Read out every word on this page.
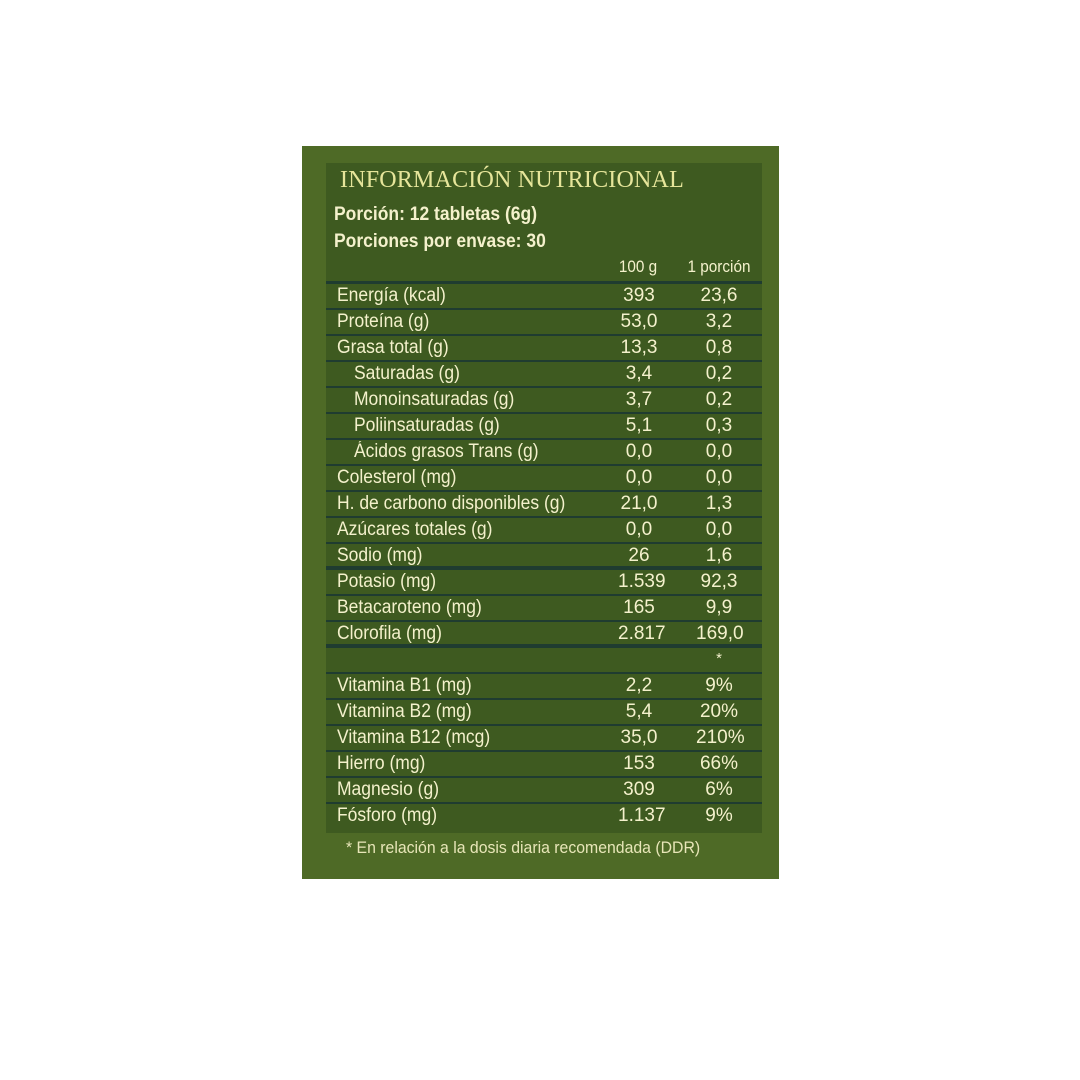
INFORMACIÓN NUTRICIONAL
Porción: 12 tabletas (6g)
Porciones por envase: 30
100 g	1 porción
Energía (kcal)	393 23,6
Proteína (g)	53,0	3,2
Grasa total (g)	13,3	0,8
Saturadas (g)	3,4	0,2
Monoinsaturadas (g)	3,7	0,2
Poliinsaturadas (g)	5,1	0,3
Ácidos grasos Trans (g)	0,0	0,0
Colesterol (mg)	0,0	0,0
H. de carbono disponibles (g)	21,0	1,3
Azúcares totales (g)	0,0	0,0
Sodio (mg)	26	1,6
Potasio (mg)	1.539 92,3
Betacaroteno (mg)	165	9,9
Clorofila (mg)	2.817 169,0
*
Vitamina B1 (mg)	2,2	9%
Vitamina B2 (mg)	5,4	20%
Vitamina B12 (mcg)	35,0 210%
Hierro (mg)	153 66%
Magnesio (g)	309	6%
Fósforo (mg)	1.137	9%
* En relación a la dosis diaria recomendada (DDR)
